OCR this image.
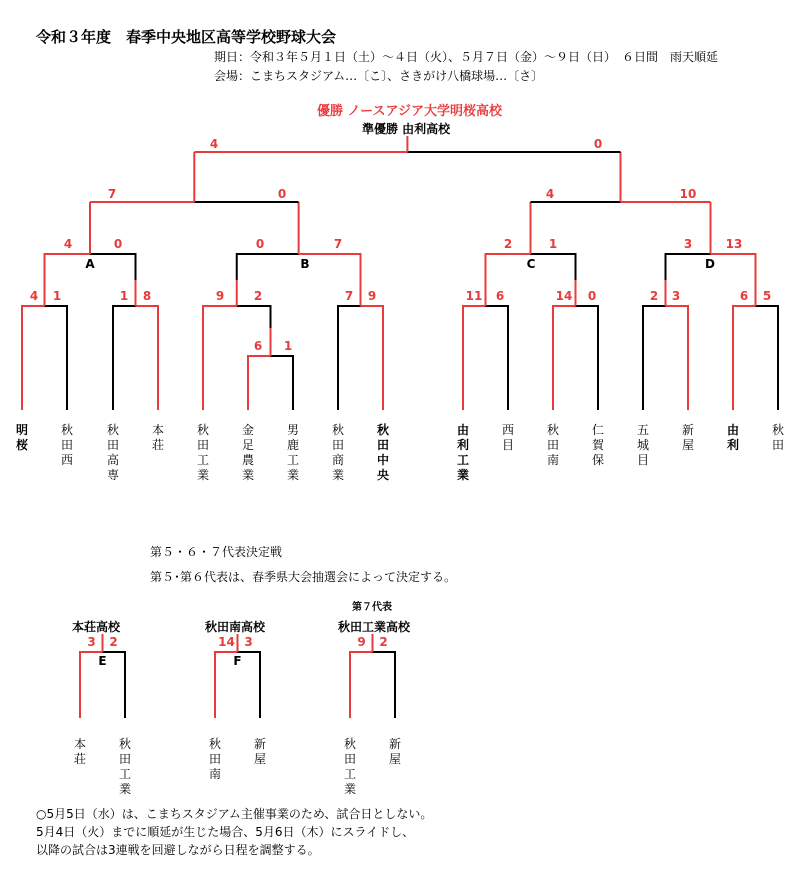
令和３年度　春季中央地区高等学校野球大会
期日：令和３年５月１日（土）～４日（火）、５月７日（金）～９日（日）　６日間　雨天順延
会場：こまちスタジアム…〔こ〕、さきがけ八橋球場…〔さ〕
優勝 ノースアジア大学明桜高校
準優勝 由利高校
4 1	1 8	9 2
6 1
7 9	11 6	14 0	2 3	6 5
4	0	0	7	2	1	3	13
7	0	4	10
4	0
A	B	C	D
3 2
E
14 3
F
9 2
明桜
秋田西
秋田高専
本荘
秋田工業
金足農業
男鹿工業
秋田商業
秋田中央
由利工業
西目
秋田南
仁賀保
五城目
新屋
由利
秋田
第５・６・７代表決定戦
第５･第６代表は、春季県大会抽選会によって決定する。
第７代表
本荘高校	秋田南高校	秋田工業高校
本荘
秋田工業
秋田南
新屋
秋田工業
新屋
○5月5日（水）は、こまちスタジアム主催事業のため、試合日としない。
5月4日（火）までに順延が生じた場合、5月6日（木）にスライドし、
以降の試合は3連戦を回避しながら日程を調整する。
